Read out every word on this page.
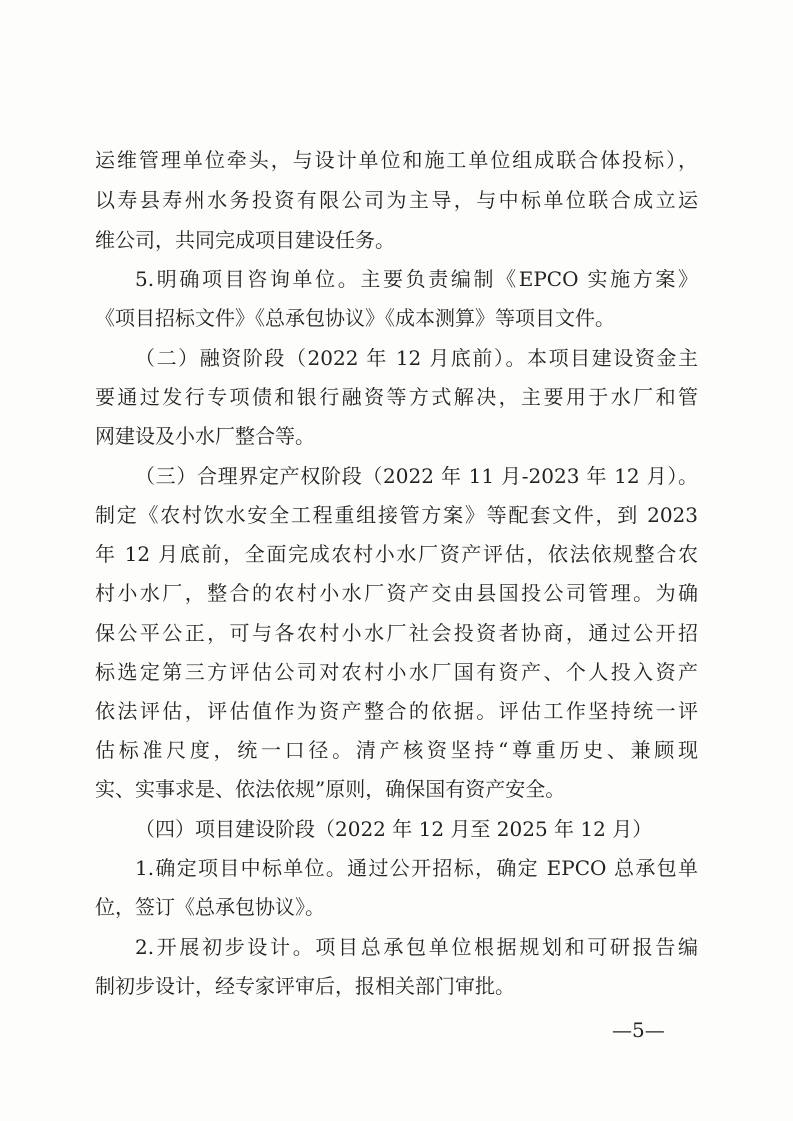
运维管理单位牵头，与设计单位和施工单位组成联合体投标），
以寿县寿州水务投资有限公司为主导，与中标单位联合成立运
维公司，共同完成项目建设任务。
5.明确项目咨询单位。主要负责编制《EPCO 实施方案》
《项目招标文件》《总承包协议》《成本测算》等项目文件。
（二）融资阶段（2022 年 12 月底前）。本项目建设资金主
要通过发行专项债和银行融资等方式解决，主要用于水厂和管
网建设及小水厂整合等。
（三）合理界定产权阶段（2022 年 11 月-2023 年 12 月）。
制定《农村饮水安全工程重组接管方案》等配套文件，到 2023
年 12 月底前，全面完成农村小水厂资产评估，依法依规整合农
村小水厂，整合的农村小水厂资产交由县国投公司管理。为确
保公平公正，可与各农村小水厂社会投资者协商，通过公开招
标选定第三方评估公司对农村小水厂国有资产、个人投入资产
依法评估，评估值作为资产整合的依据。评估工作坚持统一评
估标准尺度，统一口径。清产核资坚持“尊重历史、兼顾现
实、实事求是、依法依规”原则，确保国有资产安全。
（四）项目建设阶段（2022 年 12 月至 2025 年 12 月）
1.确定项目中标单位。通过公开招标，确定 EPCO 总承包单
位，签订《总承包协议》。
2.开展初步设计。项目总承包单位根据规划和可研报告编
制初步设计，经专家评审后，报相关部门审批。
—5—
